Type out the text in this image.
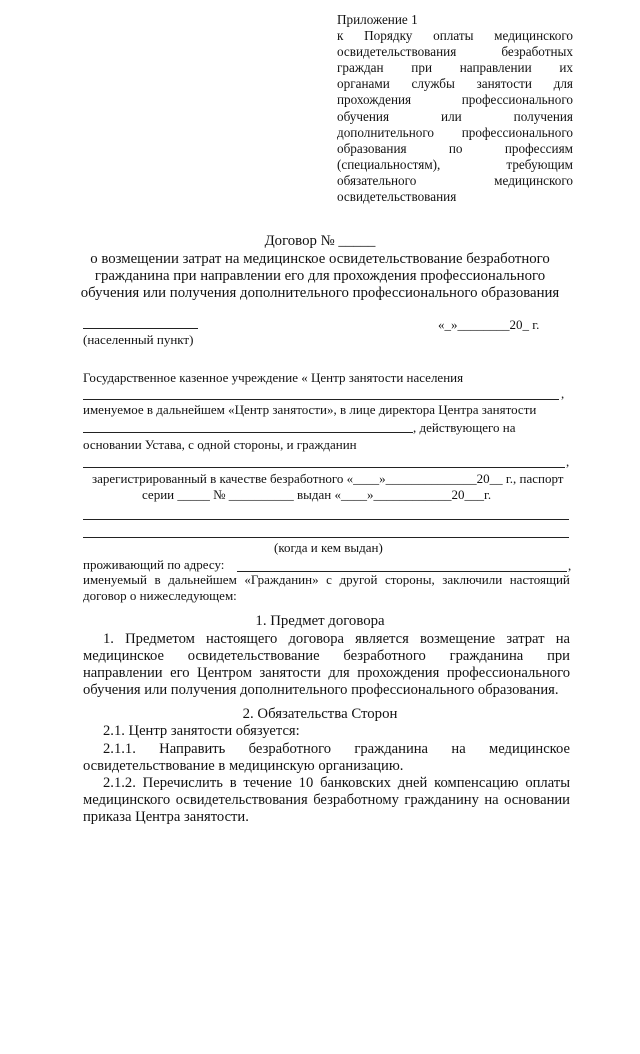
Приложение 1
к Порядку оплаты медицинского
освидетельствования безработных
граждан при направлении их
органами службы занятости для
прохождения профессионального
обучения или получения
дополнительного профессионального
образования по профессиям
(специальностям), требующим
обязательного медицинского
освидетельствования
Договор № _____
о возмещении затрат на медицинское освидетельствование безработного
гражданина при направлении его для прохождения профессионального
обучения или получения дополнительного профессионального образования
(населенный пункт)
«_»________20_ г.
Государственное казенное учреждение « Центр занятости населения
,
именуемое в дальнейшем «Центр занятости», в лице директора Центра занятости
, действующего на
основании Устава, с одной стороны, и гражданин
,
зарегистрированный в качестве безработного «____»______________20__ г., паспорт
серии _____ № __________ выдан «____»____________20___г.
(когда и кем выдан)
проживающий по адресу:	,
именуемый в дальнейшем «Гражданин» с другой стороны, заключили настоящий
договор о нижеследующем:
1. Предмет договора
1. Предметом настоящего договора является возмещение затрат на
медицинское освидетельствование безработного гражданина при
направлении его Центром занятости для прохождения профессионального
обучения или получения дополнительного профессионального образования.
2. Обязательства Сторон
2.1. Центр занятости обязуется:
2.1.1. Направить безработного гражданина на медицинское
освидетельствование в медицинскую организацию.
2.1.2. Перечислить в течение 10 банковских дней компенсацию оплаты
медицинского освидетельствования безработному гражданину на основании
приказа Центра занятости.
